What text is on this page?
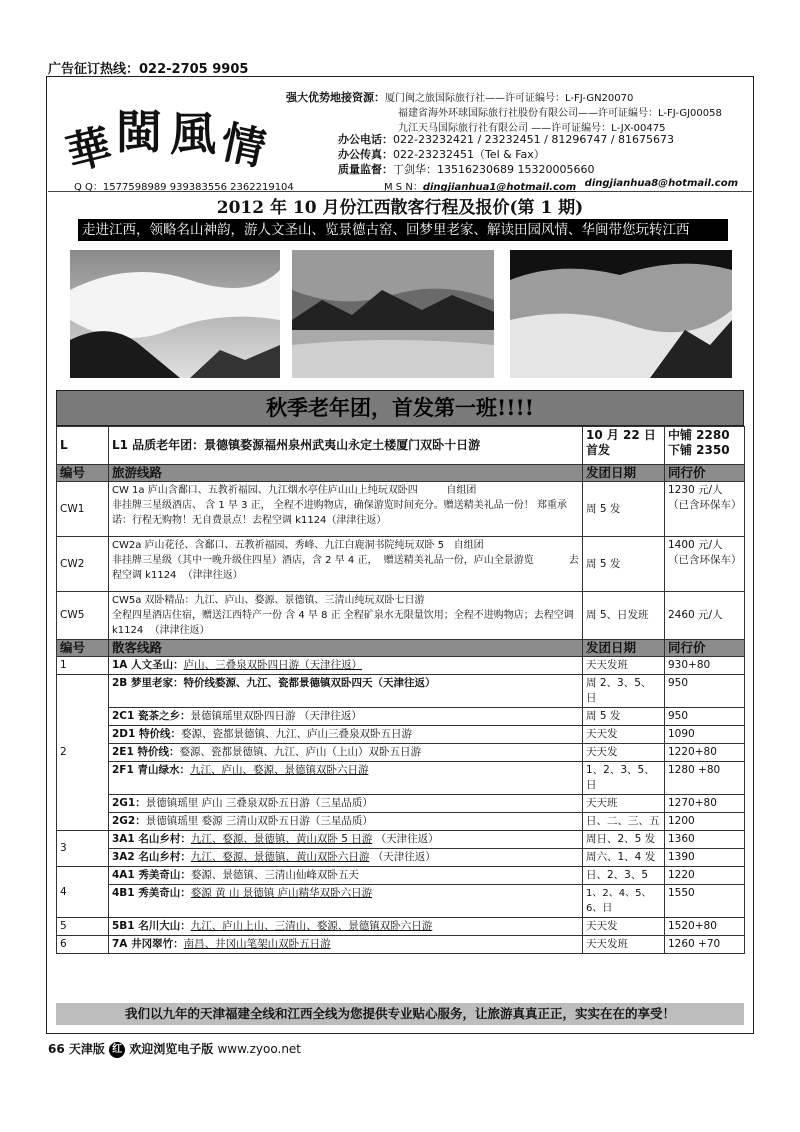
广告征订热线：022-2705 9905
華 閩 風 情
强大优势地接资源：厦门闽之旅国际旅行社——许可证编号：L-FJ-GN20070
福建省海外环球国际旅行社股份有限公司——许可证编号：L-FJ-GJ00058
九江天马国际旅行社有限公司 ——许可证编号：L-JX-00475
办公电话：022-23232421 / 23232451 / 81296747 / 81675673
办公传真：022-23232451（Tel & Fax）
质量监督：丁剑华：13516230689 15320005660
Q Q：1577598989 939383556 2362219104	M S N：dingjianhua1@hotmail.com dingjianhua8@hotmail.com
2012 年 10 月份江西散客行程及报价(第 1 期)
走进江西，领略名山神韵，游人文圣山、览景德古窑、回梦里老家、解读田园风情、华闽带您玩转江西
秋季老年团，首发第一班!!!!
L	L1 品质老年团：景德镇婺源福州泉州武夷山永定土楼厦门双卧十日游	10 月 22 日首发	中铺 2280
下铺 2350

编号	旅游线路	发团日期	同行价
CW1	CW 1a 庐山含鄱口、五教祈福园、九江烟水亭住庐山山上纯玩双卧四         自组团
非挂牌三星级酒店、 含 1 早 3 正， 全程不进购物店，确保游览时间充分。赠送精美礼品一份！ 郑重承诺：行程无购物！无自费景点！去程空调 k1124（津津往返）	周 5 发	1230 元/人（已含环保车）
CW2	CW2a 庐山花径、含鄱口、五教祈福园、秀峰、九江白鹿洞书院纯玩双卧 5   自组团
非挂牌三星级（其中一晚升级住四星）酒店，含 2 早 4 正，  赠送精美礼品一份，庐山全景游览           去程空调 k1124  （津津往返）	周 5 发	1400 元/人（已含环保车）
CW5	CW5a 双卧精品：九江、庐山、婺源、景德镇、三清山纯玩双卧七日游
全程四星酒店住宿，赠送江西特产一份 含 4 早 8 正 全程矿泉水无限量饮用；全程不进购物店；去程空调 k1124  （津津往返）	周 5、日发班	2460 元/人
编号	散客线路	发团日期	同行价
1	1A 人文圣山：庐山、三叠泉双卧四日游（天津往返）	天天发班	930+80
2	2B 梦里老家：特价线婺源、九江、瓷都景德镇双卧四天（天津往返）	周 2、3、5、日	950
	2C1 瓷茶之乡：景德镇瑶里双卧四日游 （天津往返）	周 5 发	950
	2D1 特价线：婺源、瓷都景德镇、九江、庐山三叠泉双卧五日游	天天发	1090
	2E1 特价线：婺源、瓷都景德镇、九江、庐山（上山）双卧五日游	天天发	1220+80
	2F1 青山绿水：九江、庐山、婺源、景德镇双卧六日游	1、2、3、5、日	1280 +80
	2G1：景德镇瑶里 庐山 三叠泉双卧五日游（三星品质）	天天班	1270+80
	2G2：景德镇瑶里 婺源 三清山双卧五日游（三星品质）	日、二、三、五	1200
3	3A1 名山乡村：九江、婺源、景德镇、黄山双卧 5 日游 （天津往返）	周日、2、5 发	1360
	3A2 名山乡村：九江、婺源、景德镇、黄山双卧六日游 （天津往返）	周六、1、4 发	1390
4	4A1 秀美奇山：婺源、景德镇、三清山仙峰双卧五天	日、2、3、5	1220
	4B1 秀美奇山：婺源 黄 山 景德镇 庐山精华双卧六日游	1、2、4、5、6、日	1550
5	5B1 名川大山：九江、庐山上山、三清山、婺源、景德镇双卧六日游	天天发	1520+80
6	7A 井冈翠竹：南昌、井冈山笔架山双卧五日游	天天发班	1260 +70
我们以九年的天津福建全线和江西全线为您提供专业贴心服务，让旅游真真正正，实实在在的享受！
66 天津版 红 欢迎浏览电子版 www.zyoo.net
